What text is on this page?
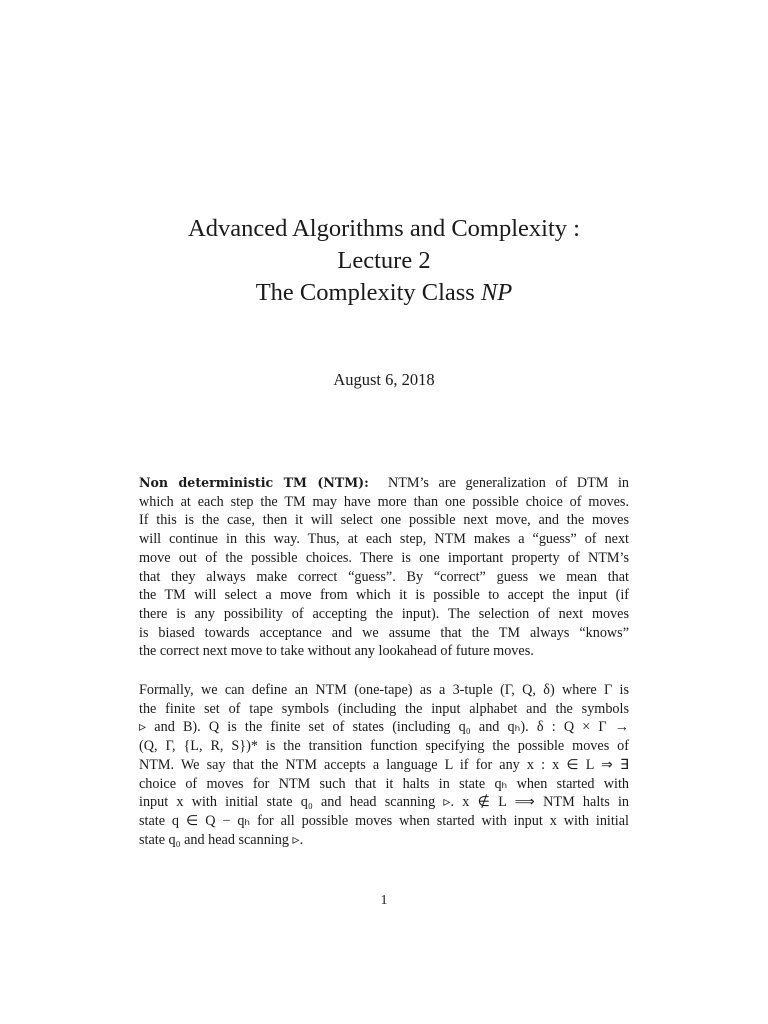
Advanced Algorithms and Complexity :
Lecture 2
The Complexity Class NP
August 6, 2018
Non deterministic TM (NTM): NTM’s are generalization of DTM in
which at each step the TM may have more than one possible choice of moves.
If this is the case, then it will select one possible next move, and the moves
will continue in this way. Thus, at each step, NTM makes a “guess” of next
move out of the possible choices. There is one important property of NTM’s
that they always make correct “guess”. By “correct” guess we mean that
the TM will select a move from which it is possible to accept the input (if
there is any possibility of accepting the input). The selection of next moves
is biased towards acceptance and we assume that the TM always “knows”
the correct next move to take without any lookahead of future moves.
Formally, we can define an NTM (one-tape) as a 3-tuple (Γ, Q, δ) where Γ is
the finite set of tape symbols (including the input alphabet and the symbols
▹ and B). Q is the finite set of states (including q₀ and qₕ). δ : Q × Γ →
(Q, Γ, {L, R, S})* is the transition function specifying the possible moves of
NTM. We say that the NTM accepts a language L if for any x : x ∈ L ⇒ ∃
choice of moves for NTM such that it halts in state qₕ when started with
input x with initial state q₀ and head scanning ▹. x ∉ L ⟹ NTM halts in
state q ∈ Q − qₕ for all possible moves when started with input x with initial
state q₀ and head scanning ▹.
1
